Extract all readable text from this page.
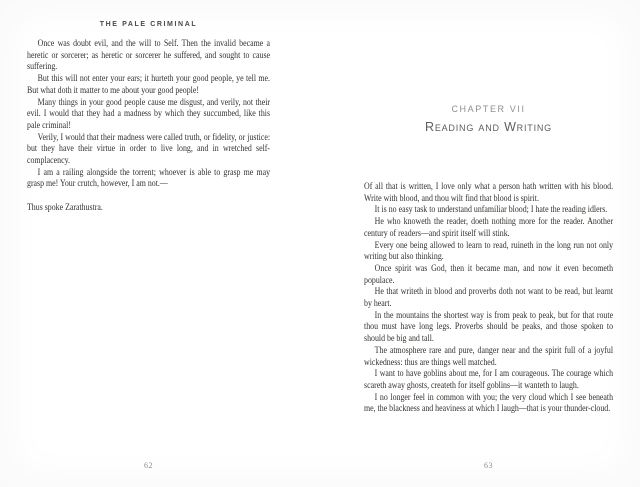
THE PALE CRIMINAL

Once was doubt evil, and the will to Self. Then the invalid became a heretic or sorcerer; as heretic or sorcerer he suffered, and sought to cause suffering.

But this will not enter your ears; it hurteth your good people, ye tell me. But what doth it matter to me about your good people!

Many things in your good people cause me disgust, and verily, not their evil. I would that they had a madness by which they succumbed, like this pale criminal!

Verily, I would that their madness were called truth, or fidelity, or justice: but they have their virtue in order to live long, and in wretched self-complacency.

I am a railing alongside the torrent; whoever is able to grasp me may grasp me! Your crutch, however, I am not.—

Thus spoke Zarathustra.

62
CHAPTER VII
Reading and Writing

Of all that is written, I love only what a person hath written with his blood. Write with blood, and thou wilt find that blood is spirit.

It is no easy task to understand unfamiliar blood; I hate the reading idlers.

He who knoweth the reader, doeth nothing more for the reader. Another century of readers—and spirit itself will stink.

Every one being allowed to learn to read, ruineth in the long run not only writing but also thinking.

Once spirit was God, then it became man, and now it even becometh populace.

He that writeth in blood and proverbs doth not want to be read, but learnt by heart.

In the mountains the shortest way is from peak to peak, but for that route thou must have long legs. Proverbs should be peaks, and those spoken to should be big and tall.

The atmosphere rare and pure, danger near and the spirit full of a joyful wickedness: thus are things well matched.

I want to have goblins about me, for I am courageous. The courage which scareth away ghosts, createth for itself goblins—it wanteth to laugh.

I no longer feel in common with you; the very cloud which I see beneath me, the blackness and heaviness at which I laugh—that is your thunder-cloud.

63
